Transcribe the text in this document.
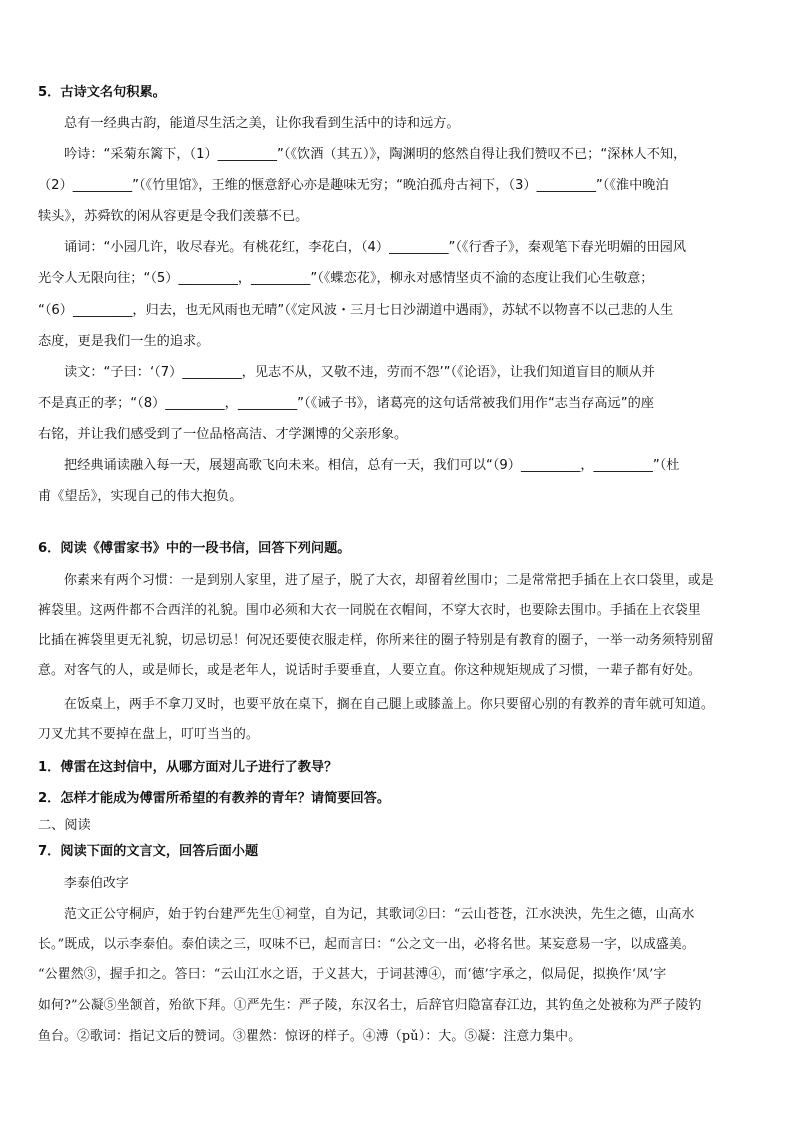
5．古诗文名句积累。
总有一经典古韵，能道尽生活之美，让你我看到生活中的诗和远方。
吟诗：“采菊东篱下，（1）_________”（《饮酒（其五）》，陶渊明的悠然自得让我们赞叹不已；“深林人不知，
（2）_________”（《竹里馆》，王维的惬意舒心亦是趣味无穷；“晚泊孤舟古祠下，（3）_________”（《淮中晚泊
犊头》，苏舜钦的闲从容更是令我们羡慕不已。
诵词：“小园几许，收尽春光。有桃花红，李花白，（4）_________”（《行香子》，秦观笔下春光明媚的田园风
光令人无限向往；“（5）_________，_________”（《蝶恋花》，柳永对感情坚贞不渝的态度让我们心生敬意；
“（6）_________，归去，也无风雨也无晴”（《定风波・三月七日沙湖道中遇雨》，苏轼不以物喜不以己悲的人生
态度，更是我们一生的追求。
读文：“子曰：‘（7）_________，见志不从，又敬不违，劳而不怨’”（《论语》，让我们知道盲目的顺从并
不是真正的孝；“（8）_________，_________”（《诫子书》，诸葛亮的这句话常被我们用作“志当存高远”的座
右铭，并让我们感受到了一位品格高洁、才学渊博的父亲形象。
把经典诵读融入每一天，展翅高歌飞向未来。相信，总有一天，我们可以“（9）_________，_________”（杜
甫《望岳》，实现自己的伟大抱负。
6．阅读《傅雷家书》中的一段书信，回答下列问题。
你素来有两个习惯：一是到别人家里，进了屋子，脱了大衣，却留着丝围巾；二是常常把手插在上衣口袋里，或是
裤袋里。这两件都不合西洋的礼貌。围巾必须和大衣一同脱在衣帽间，不穿大衣时，也要除去围巾。手插在上衣袋里
比插在裤袋里更无礼貌，切忌切忌！何况还要使衣服走样，你所来往的圈子特别是有教育的圈子，一举一动务须特别留
意。对客气的人，或是师长，或是老年人，说话时手要垂直，人要立直。你这种规矩规成了习惯，一辈子都有好处。
在饭桌上，两手不拿刀叉时，也要平放在桌下，搁在自己腿上或膝盖上。你只要留心别的有教养的青年就可知道。
刀叉尤其不要掉在盘上，叮叮当当的。
1．傅雷在这封信中，从哪方面对儿子进行了教导？
2．怎样才能成为傅雷所希望的有教养的青年？请简要回答。
二、阅读
7．阅读下面的文言文，回答后面小题
李泰伯改字
范文正公守桐庐，始于钓台建严先生①祠堂，自为记，其歌词②曰：“云山苍苍，江水泱泱，先生之德，山高水
长。”既成，以示李泰伯。泰伯读之三，叹味不已，起而言曰：“公之文一出，必将名世。某妄意易一字，以成盛美。
“公瞿然③，握手扣之。答曰：“云山江水之语，于义甚大，于词甚溥④，而‘德’字承之，似局促，拟换作‘凤’字
如何?”公凝⑤坐颔首，殆欲下拜。①严先生：严子陵，东汉名士，后辞官归隐富春江边，其钓鱼之处被称为严子陵钓
鱼台。②歌词：指记文后的赞词。③瞿然：惊讶的样子。④溥（pǔ）：大。⑤凝：注意力集中。
